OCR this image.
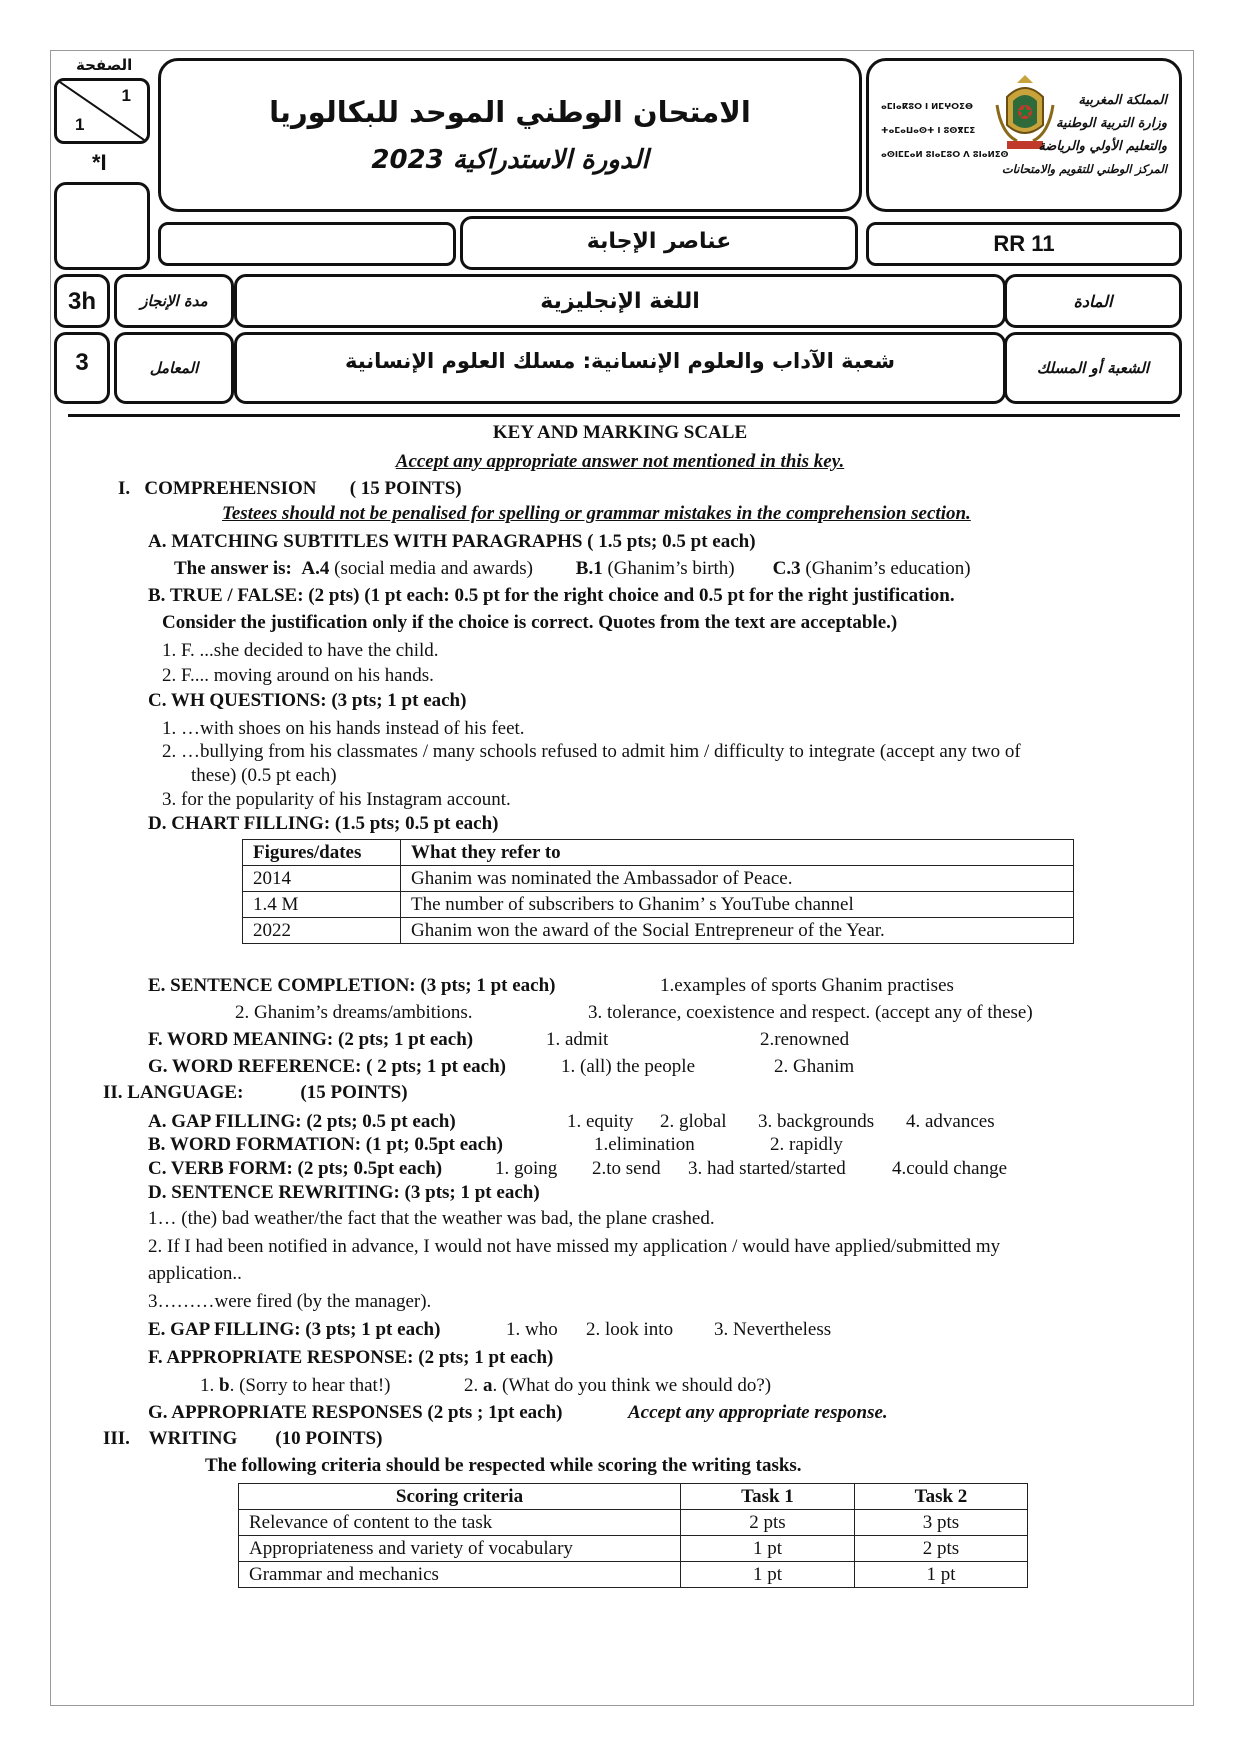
الصفحة
1
1
*I
الامتحان الوطني الموحد للبكالوريا
الدورة الاستدراكية 2023
ⴰⵎⵏⴰⴽⵓⵔ ⵏ ⵍⵎⵖⵔⵉⴱ
ⵜⴰⵎⴰⵡⴰⵙⵜ ⵏ ⵓⵙⴳⵎⵉ
ⴰⵙⵏⵎⵎⴰⵍ ⵓⵏⴰⵎⵓⵔ ⴷ ⵓⵏⴰⵍⵉⵙ
المملكة المغربية
وزارة التربية الوطنية
والتعليم الأولي والرياضة
المركز الوطني للتقويم والامتحانات
عناصر الإجابة	RR 11
3h	مدة الإنجاز	اللغة الإنجليزية	المادة
3	المعامل	شعبة الآداب والعلوم الإنسانية: مسلك العلوم الإنسانية	الشعبة أو المسلك
KEY AND MARKING SCALE
Accept any appropriate answer not mentioned in this key.
I. COMPREHENSION ( 15 POINTS)
Testees should not be penalised for spelling or grammar mistakes in the comprehension section.
A. MATCHING SUBTITLES WITH PARAGRAPHS ( 1.5 pts; 0.5 pt each)
The answer is: A.4 (social media and awards) B.1 (Ghanim’s birth) C.3 (Ghanim’s education)
B. TRUE / FALSE: (2 pts) (1 pt each: 0.5 pt for the right choice and 0.5 pt for the right justification.
Consider the justification only if the choice is correct. Quotes from the text are acceptable.)
1. F. ...she decided to have the child.
2. F.... moving around on his hands.
C. WH QUESTIONS: (3 pts; 1 pt each)
1. …with shoes on his hands instead of his feet.
2. …bullying from his classmates / many schools refused to admit him / difficulty to integrate (accept any two of
these) (0.5 pt each)
3. for the popularity of his Instagram account.
D. CHART FILLING: (1.5 pts; 0.5 pt each)
Figures/dates	What they refer to
2014	Ghanim was nominated the Ambassador of Peace.
1.4 M	The number of subscribers to Ghanim’ s YouTube channel
2022	Ghanim won the award of the Social Entrepreneur of the Year.
E. SENTENCE COMPLETION: (3 pts; 1 pt each)	1.examples of sports Ghanim practises
2. Ghanim’s dreams/ambitions.	3. tolerance, coexistence and respect. (accept any of these)
F. WORD MEANING: (2 pts; 1 pt each)	1. admit	2.renowned
G. WORD REFERENCE: ( 2 pts; 1 pt each)	1. (all) the people	2. Ghanim
II. LANGUAGE:	(15 POINTS)
A. GAP FILLING: (2 pts; 0.5 pt each)	1. equity 2. global 3. backgrounds 4. advances
B. WORD FORMATION: (1 pt; 0.5pt each)	1.elimination	2. rapidly
C. VERB FORM: (2 pts; 0.5pt each)	1. going 2.to send 3. had started/started 4.could change
D. SENTENCE REWRITING: (3 pts; 1 pt each)
1… (the) bad weather/the fact that the weather was bad, the plane crashed.
2. If I had been notified in advance, I would not have missed my application / would have applied/submitted my
application..
3………were fired (by the manager).
E. GAP FILLING: (3 pts; 1 pt each)	1. who 2. look into 3. Nevertheless
F. APPROPRIATE RESPONSE: (2 pts; 1 pt each)
1. b. (Sorry to hear that!)	2. a. (What do you think we should do?)
G. APPROPRIATE RESPONSES (2 pts ; 1pt each)	Accept any appropriate response.
III. WRITING (10 POINTS)
The following criteria should be respected while scoring the writing tasks.
Scoring criteria	Task 1	Task 2
Relevance of content to the task	2 pts	3 pts
Appropriateness and variety of vocabulary	1 pt	2 pts
Grammar and mechanics	1 pt	1 pt
